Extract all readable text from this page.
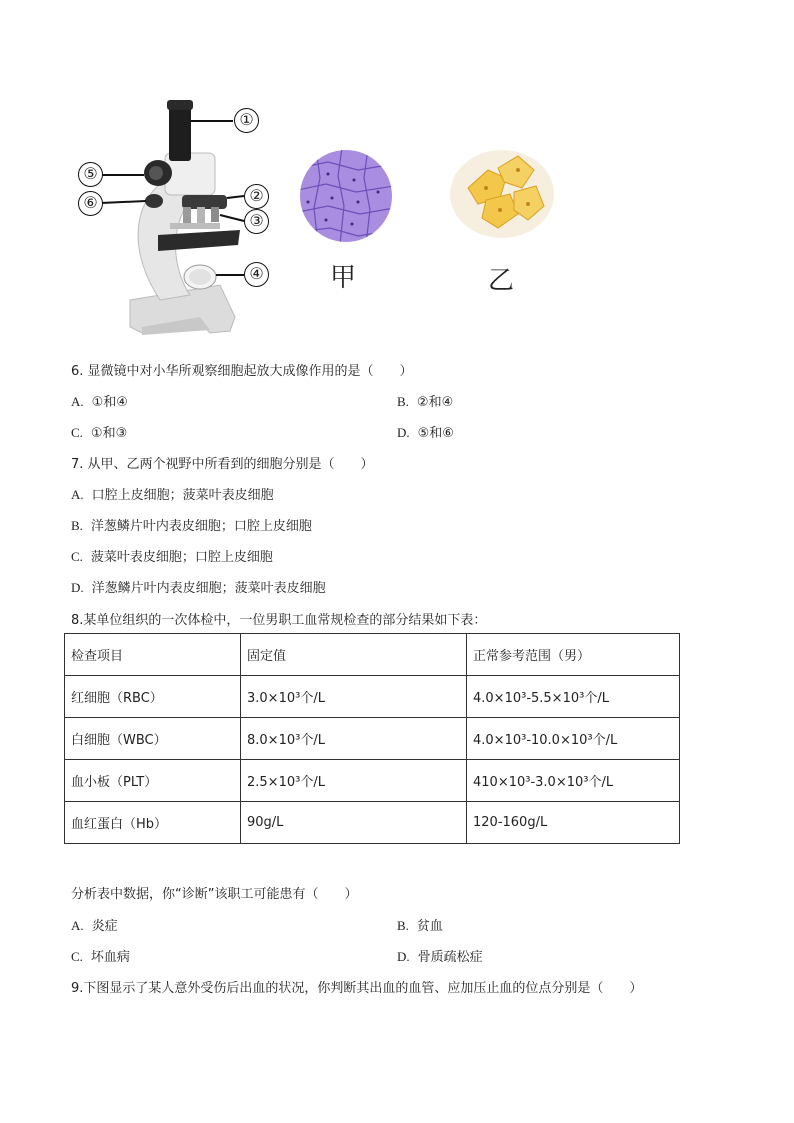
①
②
③
④
⑤
⑥
甲	乙
6. 显微镜中对小华所观察细胞起放大成像作用的是（　　）
A. ①和④	B. ②和④
C. ①和③	D. ⑤和⑥
7. 从甲、乙两个视野中所看到的细胞分别是（　　）
A. 口腔上皮细胞；菠菜叶表皮细胞
B. 洋葱鳞片叶内表皮细胞；口腔上皮细胞
C. 菠菜叶表皮细胞；口腔上皮细胞
D. 洋葱鳞片叶内表皮细胞；菠菜叶表皮细胞
8.某单位组织的一次体检中，一位男职工血常规检查的部分结果如下表：
检查项目	固定值	正常参考范围（男）
红细胞（RBC）	3.0×10³个/L	4.0×10³-5.5×10³个/L
白细胞（WBC）	8.0×10³个/L	4.0×10³-10.0×10³个/L
血小板（PLT）	2.5×10³个/L	410×10³-3.0×10³个/L
血红蛋白（Hb）	90g/L	120-160g/L
分析表中数据，你“诊断”该职工可能患有（　　）
A. 炎症	B. 贫血
C. 坏血病	D. 骨质疏松症
9.下图显示了某人意外受伤后出血的状况，你判断其出血的血管、应加压止血的位点分别是（　　）
